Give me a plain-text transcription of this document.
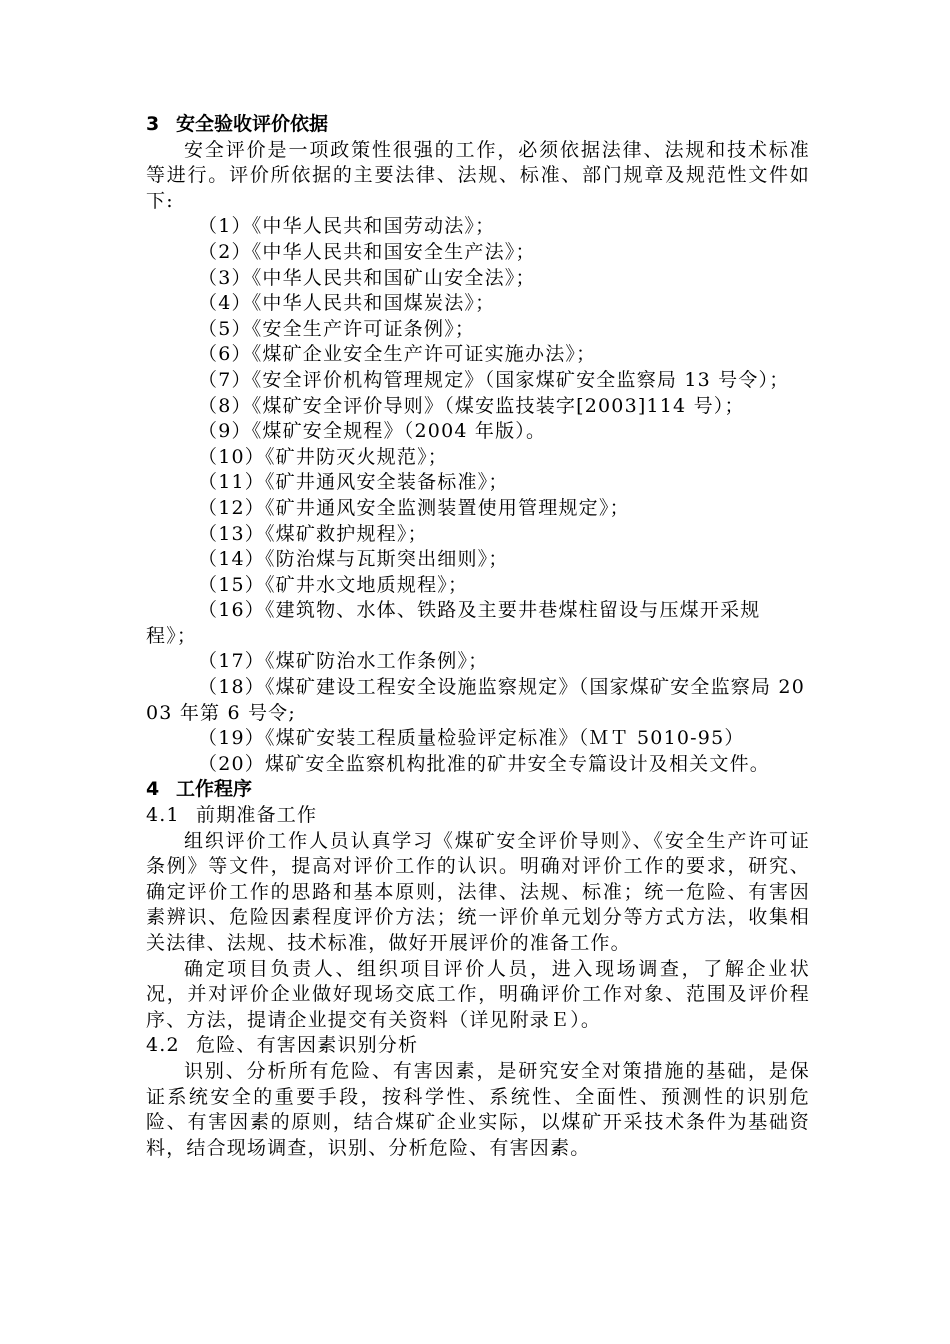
3 安全验收评价依据
安全评价是一项政策性很强的工作，必须依据法律、法规和技术标准等进行。评价所依据的主要法律、法规、标准、部门规章及规范性文件如下:
（1）《中华人民共和国劳动法》；
（2）《中华人民共和国安全生产法》；
（3）《中华人民共和国矿山安全法》；
（4）《中华人民共和国煤炭法》；
（5）《安全生产许可证条例》；
（6）《煤矿企业安全生产许可证实施办法》；
（7）《安全评价机构管理规定》（国家煤矿安全监察局 13 号令）；
（8）《煤矿安全评价导则》（煤安监技装字[2003]114 号）；
（9）《煤矿安全规程》（2004 年版）。
（10）《矿井防灭火规范》；
（11）《矿井通风安全装备标准》；
（12）《矿井通风安全监测装置使用管理规定》；
（13）《煤矿救护规程》；
（14）《防治煤与瓦斯突出细则》；
（15）《矿井水文地质规程》；
（16）《建筑物、水体、铁路及主要井巷煤柱留设与压煤开采规程》；
（17）《煤矿防治水工作条例》；
（18）《煤矿建设工程安全设施监察规定》（国家煤矿安全监察局 2003 年第 6 号令;
（19）《煤矿安装工程质量检验评定标准》（ＭＴ 5010-95）
（20）煤矿安全监察机构批准的矿井安全专篇设计及相关文件。
4 工作程序
4.1 前期准备工作
组织评价工作人员认真学习《煤矿安全评价导则》、《安全生产许可证条例》等文件，提高对评价工作的认识。明确对评价工作的要求，研究、确定评价工作的思路和基本原则，法律、法规、标准；统一危险、有害因素辨识、危险因素程度评价方法；统一评价单元划分等方式方法，收集相关法律、法规、技术标准，做好开展评价的准备工作。
确定项目负责人、组织项目评价人员，进入现场调查，了解企业状况，并对评价企业做好现场交底工作，明确评价工作对象、范围及评价程序、方法，提请企业提交有关资料（详见附录Ｅ）。
4.2 危险、有害因素识别分析
识别、分析所有危险、有害因素，是研究安全对策措施的基础，是保证系统安全的重要手段，按科学性、系统性、全面性、预测性的识别危险、有害因素的原则，结合煤矿企业实际，以煤矿开采技术条件为基础资料，结合现场调查，识别、分析危险、有害因素。
